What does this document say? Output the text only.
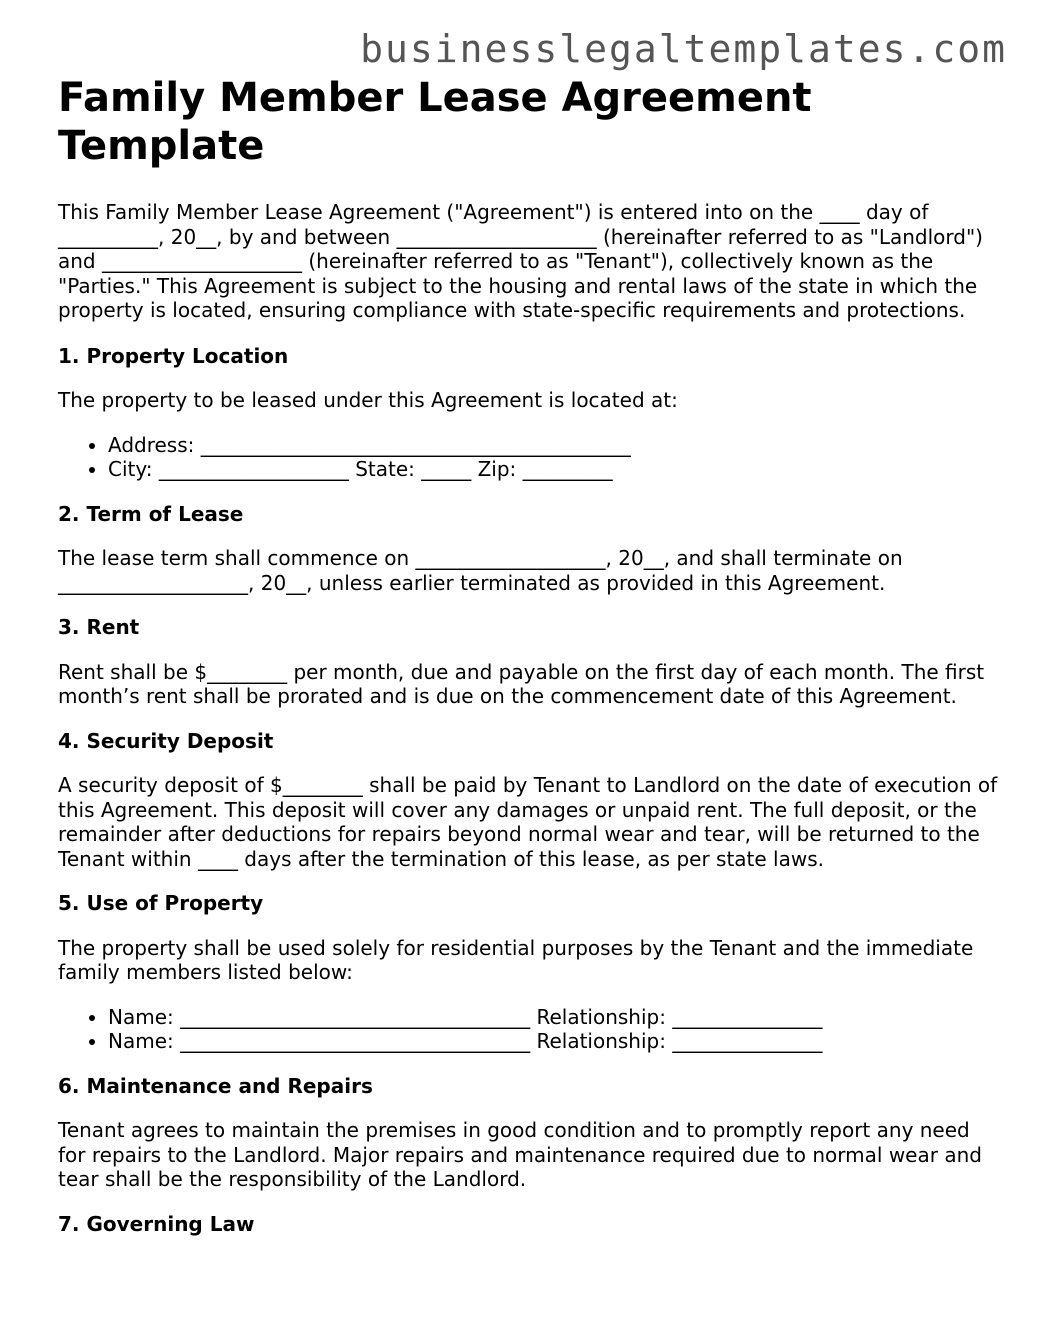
businesslegaltemplates.com
Family Member Lease Agreement Template

This Family Member Lease Agreement ("Agreement") is entered into on the ____ day of __________, 20__, by and between ____________________ (hereinafter referred to as "Landlord") and ____________________ (hereinafter referred to as "Tenant"), collectively known as the "Parties." This Agreement is subject to the housing and rental laws of the state in which the property is located, ensuring compliance with state-specific requirements and protections.

1. Property Location

The property to be leased under this Agreement is located at:

• Address: ___________________________________________
• City: ___________________ State: _____ Zip: _________
2. Term of Lease

The lease term shall commence on ___________________, 20__, and shall terminate on ___________________, 20__, unless earlier terminated as provided in this Agreement.

3. Rent

Rent shall be $________ per month, due and payable on the first day of each month. The first month’s rent shall be prorated and is due on the commencement date of this Agreement.

4. Security Deposit

A security deposit of $________ shall be paid by Tenant to Landlord on the date of execution of this Agreement. This deposit will cover any damages or unpaid rent. The full deposit, or the remainder after deductions for repairs beyond normal wear and tear, will be returned to the Tenant within ____ days after the termination of this lease, as per state laws.

5. Use of Property

The property shall be used solely for residential purposes by the Tenant and the immediate family members listed below:

• Name: ___________________________________ Relationship: _______________
• Name: ___________________________________ Relationship: _______________
6. Maintenance and Repairs

Tenant agrees to maintain the premises in good condition and to promptly report any need for repairs to the Landlord. Major repairs and maintenance required due to normal wear and tear shall be the responsibility of the Landlord.

7. Governing Law
